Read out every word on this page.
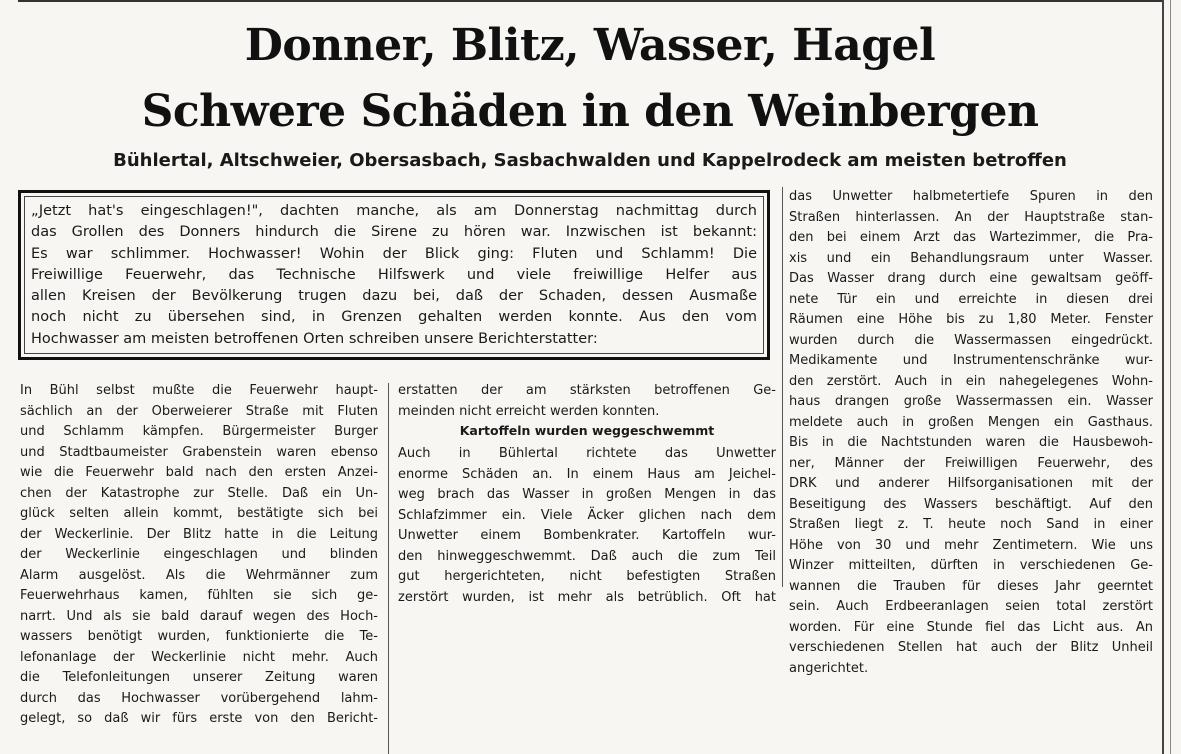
Donner, Blitz, Wasser, Hagel
Schwere Schäden in den Weinbergen

Bühlertal, Altschweier, Obersasbach, Sasbachwalden und Kappelrodeck am meisten betroffen

„Jetzt hat's eingeschlagen!", dachten manche, als am Donnerstag nachmittag durch
das Grollen des Donners hindurch die Sirene zu hören war. Inzwischen ist bekannt:
Es war schlimmer. Hochwasser! Wohin der Blick ging: Fluten und Schlamm! Die
Freiwillige Feuerwehr, das Technische Hilfswerk und viele freiwillige Helfer aus
allen Kreisen der Bevölkerung trugen dazu bei, daß der Schaden, dessen Ausmaße
noch nicht zu übersehen sind, in Grenzen gehalten werden konnte. Aus den vom
Hochwasser am meisten betroffenen Orten schreiben unsere Berichterstatter:

In Bühl selbst mußte die Feuerwehr haupt-
sächlich an der Oberweierer Straße mit Fluten
und Schlamm kämpfen. Bürgermeister Burger
und Stadtbaumeister Grabenstein waren ebenso
wie die Feuerwehr bald nach den ersten Anzei-
chen der Katastrophe zur Stelle. Daß ein Un-
glück selten allein kommt, bestätigte sich bei
der Weckerlinie. Der Blitz hatte in die Leitung
der Weckerlinie eingeschlagen und blinden
Alarm ausgelöst. Als die Wehrmänner zum
Feuerwehrhaus kamen, fühlten sie sich ge-
narrt. Und als sie bald darauf wegen des Hoch-
wassers benötigt wurden, funktionierte die Te-
lefonanlage der Weckerlinie nicht mehr. Auch
die Telefonleitungen unserer Zeitung waren
durch das Hochwasser vorübergehend lahm-
gelegt, so daß wir fürs erste von den Bericht-

erstatten der am stärksten betroffenen Ge-
meinden nicht erreicht werden konnten.

Kartoffeln wurden weggeschwemmt

Auch in Bühlertal richtete das Unwetter
enorme Schäden an. In einem Haus am Jeichel-
weg brach das Wasser in großen Mengen in das
Schlafzimmer ein. Viele Äcker glichen nach dem
Unwetter einem Bombenkrater. Kartoffeln wur-
den hinweggeschwemmt. Daß auch die zum Teil
gut hergerichteten, nicht befestigten Straßen
zerstört wurden, ist mehr als betrüblich. Oft hat

das Unwetter halbmetertiefe Spuren in den
Straßen hinterlassen. An der Hauptstraße stan-
den bei einem Arzt das Wartezimmer, die Pra-
xis und ein Behandlungsraum unter Wasser.
Das Wasser drang durch eine gewaltsam geöff-
nete Tür ein und erreichte in diesen drei
Räumen eine Höhe bis zu 1,80 Meter. Fenster
wurden durch die Wassermassen eingedrückt.
Medikamente und Instrumentenschränke wur-
den zerstört. Auch in ein nahegelegenes Wohn-
haus drangen große Wassermassen ein. Wasser
meldete auch in großen Mengen ein Gasthaus.
Bis in die Nachtstunden waren die Hausbewoh-
ner, Männer der Freiwilligen Feuerwehr, des
DRK und anderer Hilfsorganisationen mit der
Beseitigung des Wassers beschäftigt. Auf den
Straßen liegt z. T. heute noch Sand in einer
Höhe von 30 und mehr Zentimetern. Wie uns
Winzer mitteilten, dürften in verschiedenen Ge-
wannen die Trauben für dieses Jahr geerntet
sein. Auch Erdbeeranlagen seien total zerstört
worden. Für eine Stunde fiel das Licht aus. An
verschiedenen Stellen hat auch der Blitz Unheil
angerichtet.
